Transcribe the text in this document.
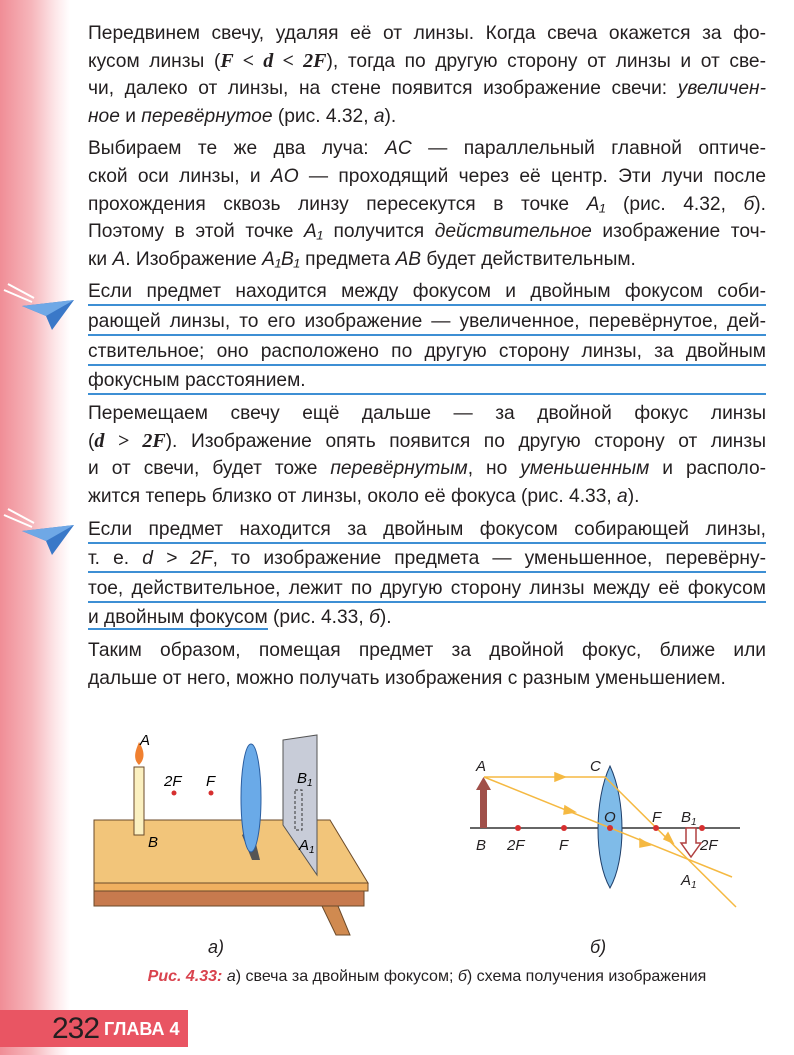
Передвинем свечу, удаляя её от линзы. Когда свеча окажется за фо-
кусом линзы (F < d < 2F), тогда по другую сторону от линзы и от све-
чи, далеко от линзы, на стене появится изображение свечи: увеличен-
ное и перевёрнутое (рис. 4.32, а).
Выбираем те же два луча: AC — параллельный главной оптиче-
ской оси линзы, и AO — проходящий через её центр. Эти лучи после
прохождения сквозь линзу пересекутся в точке A₁ (рис. 4.32, б).
Поэтому в этой точке A₁ получится действительное изображение точ-
ки A. Изображение A₁B₁ предмета AB будет действительным.
Если предмет находится между фокусом и двойным фокусом соби-
рающей линзы, то его изображение — увеличенное, перевёрнутое, дей-
ствительное; оно расположено по другую сторону линзы, за двойным
фокусным расстоянием.
Перемещаем свечу ещё дальше — за двойной фокус линзы
(d > 2F). Изображение опять появится по другую сторону от линзы
и от свечи, будет тоже перевёрнутым, но уменьшенным и располо-
жится теперь близко от линзы, около её фокуса (рис. 4.33, а).
Если предмет находится за двойным фокусом собирающей линзы,
т. е. d > 2F, то изображение предмета — уменьшенное, перевёрну-
тое, действительное, лежит по другую сторону линзы между её фокусом
и двойным фокусом (рис. 4.33, б).
Таким образом, помещая предмет за двойной фокус, ближе или
дальше от него, можно получать изображения с разным уменьшением.
A
B
2F F	$B_1$
$A_1$
A	C
O
B 2F F
F
2F
$B_1$
$A_1$
а)	б)
Рис. 4.33: а) свеча за двойным фокусом; б) схема получения изображения
232 ГЛАВА 4
